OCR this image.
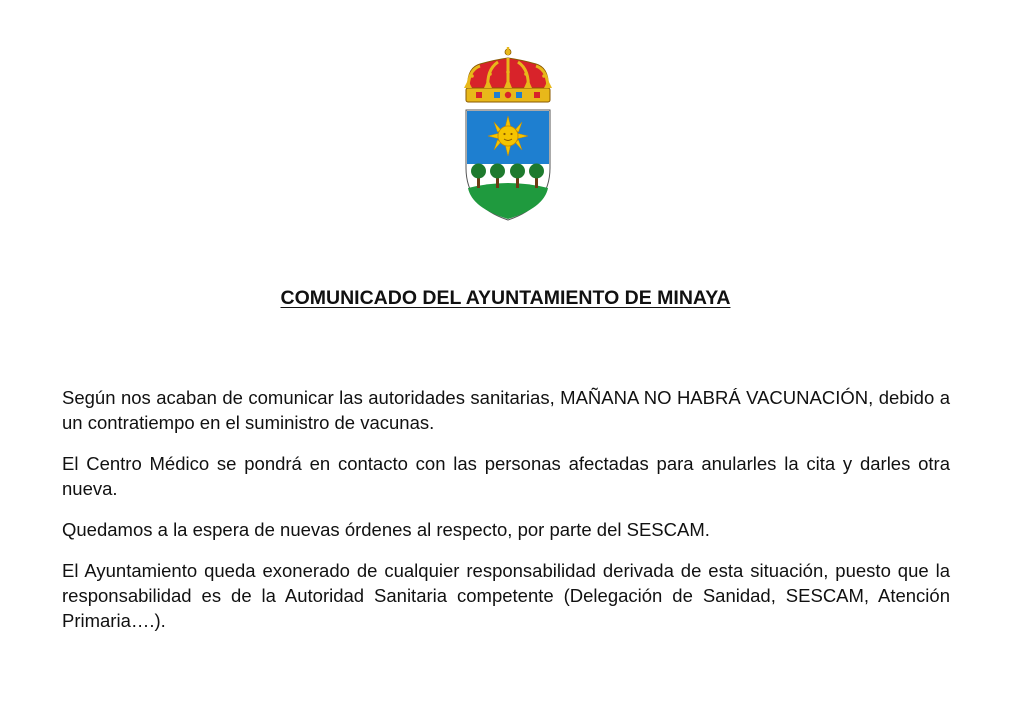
COMUNICADO DEL AYUNTAMIENTO DE MINAYA

Según nos acaban de comunicar las autoridades sanitarias, MAÑANA NO HABRÁ VACUNACIÓN, debido a un contratiempo en el suministro de vacunas.

El Centro Médico se pondrá en contacto con las personas afectadas para anularles la cita y darles otra nueva.

Quedamos a la espera de nuevas órdenes al respecto, por parte del SESCAM.

El Ayuntamiento queda exonerado de cualquier responsabilidad derivada de esta situación, puesto que la responsabilidad es de la Autoridad Sanitaria competente (Delegación de Sanidad, SESCAM, Atención Primaria….).
